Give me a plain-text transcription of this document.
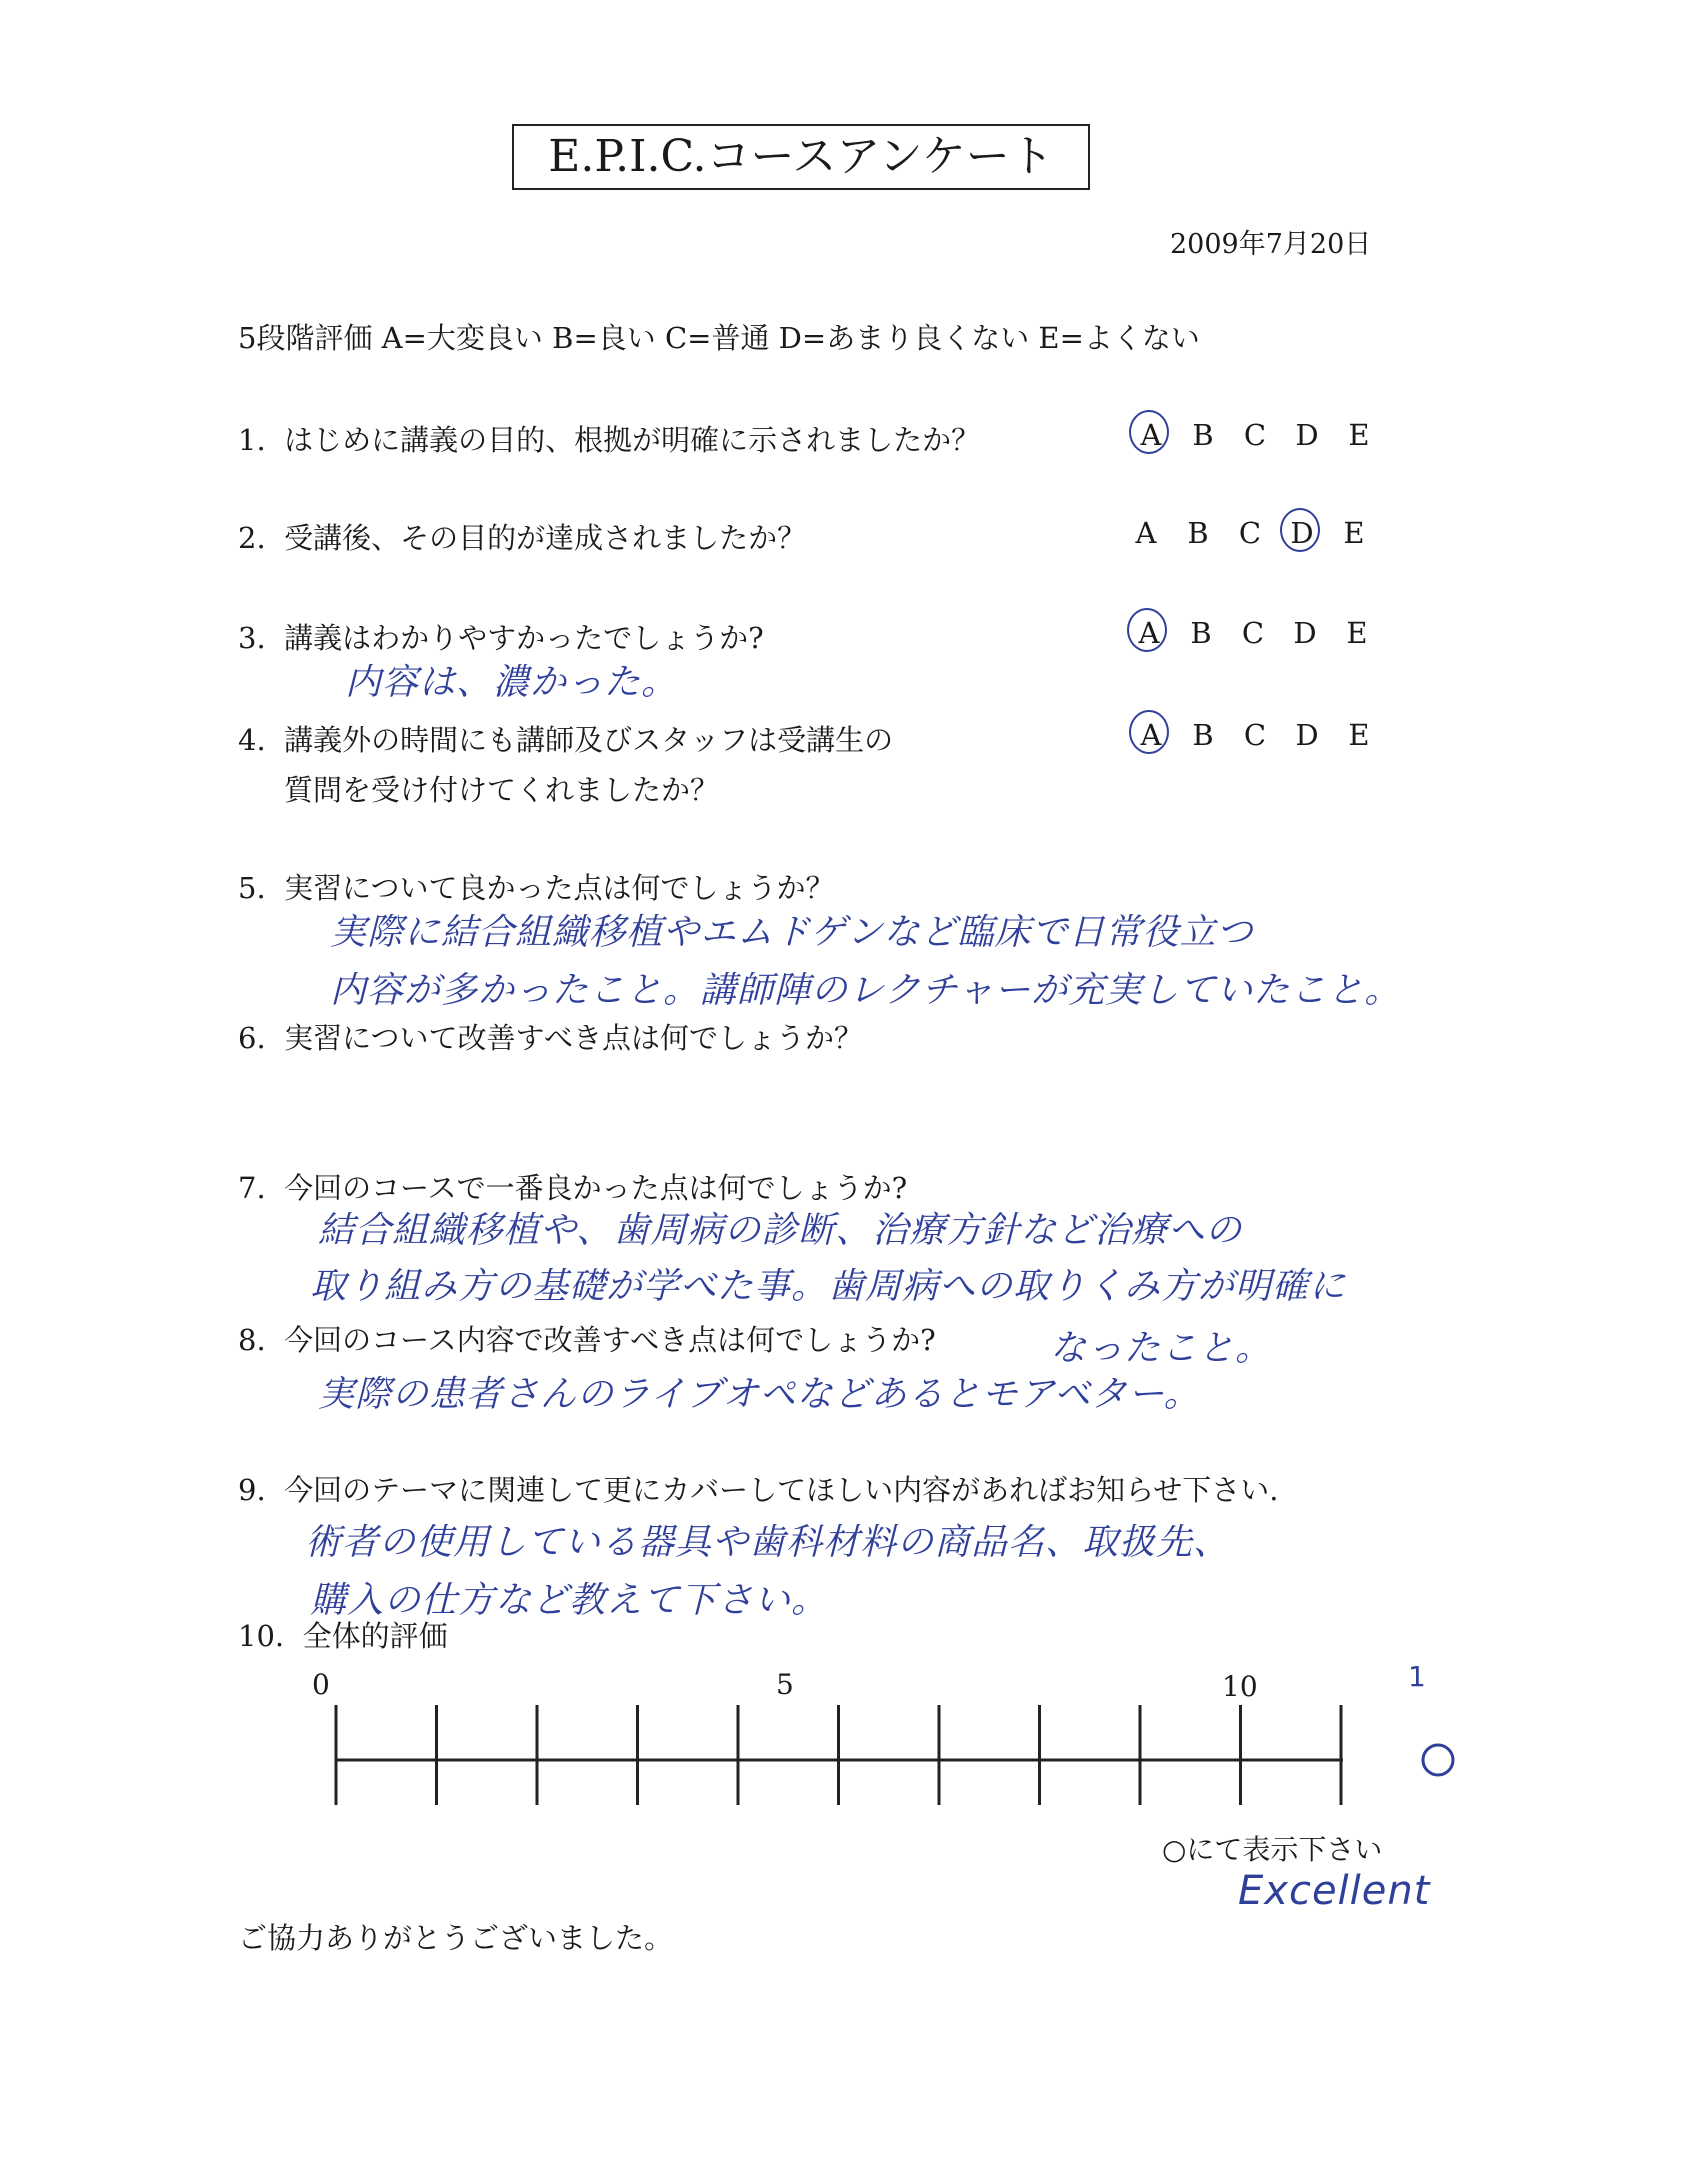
E.P.I.C.コースアンケート
2009年7月20日
5段階評価 A=大変良い B=良い C=普通 D=あまり良くない E=よくない
1. はじめに講義の目的、根拠が明確に示されましたか？	A B C D E
2. 受講後、その目的が達成されましたか？	A B C D E
3. 講義はわかりやすかったでしょうか?	A B C D E
内容は、濃かった。
4. 講義外の時間にも講師及びスタッフは受講生の
質問を受け付けてくれましたか？
A B C D E
5. 実習について良かった点は何でしょうか？
実際に結合組織移植やエムドゲンなど臨床で日常役立つ
内容が多かったこと。講師陣のレクチャーが充実していたこと。
6. 実習について改善すべき点は何でしょうか？
7. 今回のコースで一番良かった点は何でしょうか?
結合組織移植や、歯周病の診断、治療方針など治療への
取り組み方の基礎が学べた事。歯周病への取りくみ方が明確に
なったこと。
8. 今回のコース内容で改善すべき点は何でしょうか?
実際の患者さんのライブオペなどあるとモアベター。
9. 今回のテーマに関連して更にカバーしてほしい内容があればお知らせ下さい.
術者の使用している器具や歯科材料の商品名、取扱先、
購入の仕方など教えて下さい。
10. 全体的評価
0	5	10	1
○にて表示下さい
Excellent
ご協力ありがとうございました。
